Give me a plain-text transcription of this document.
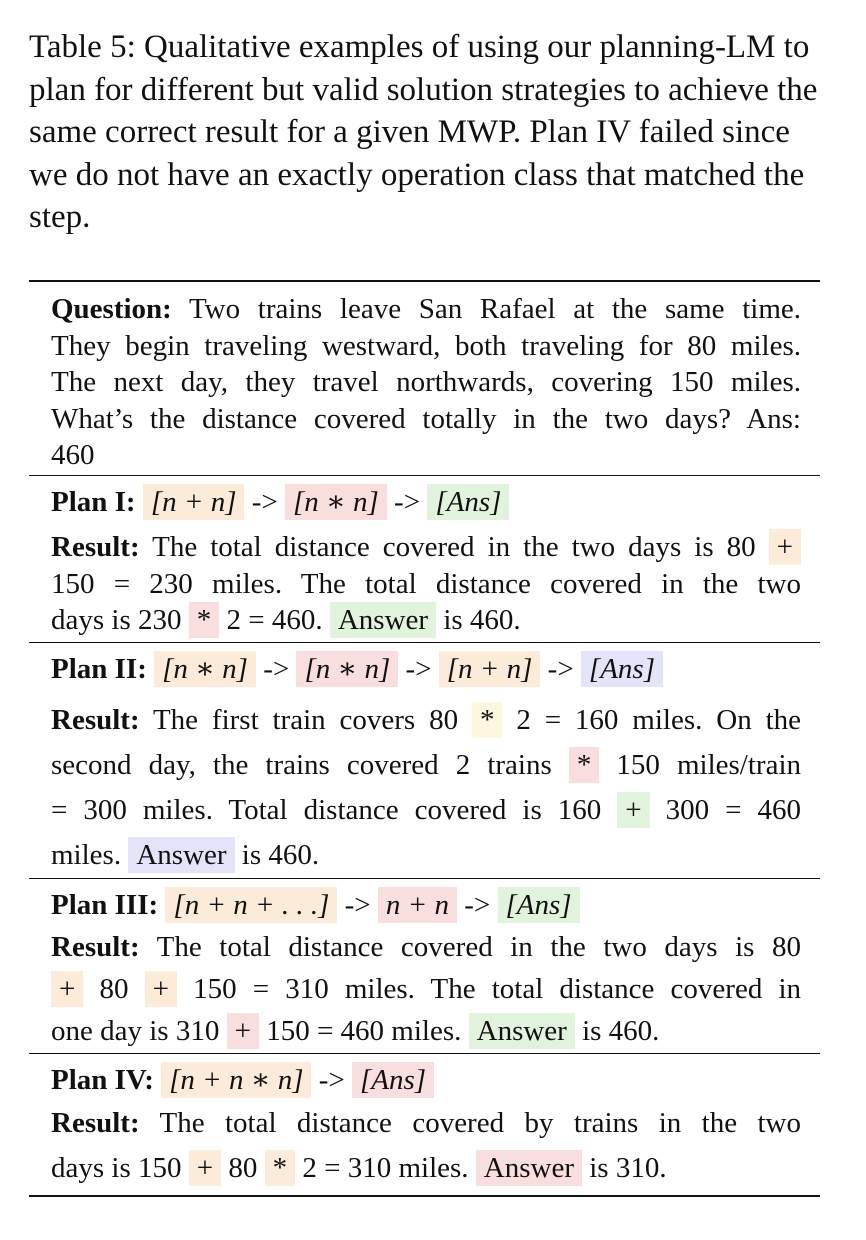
Table 5: Qualitative examples of using our planning-LM to plan for different but valid solution strategies to achieve the same correct result for a given MWP. Plan IV failed since we do not have an exactly operation class that matched the step.
Question: Two trains leave San Rafael at the same time.
They begin traveling westward, both traveling for 80 miles.
The next day, they travel northwards, covering 150 miles.
What’s the distance covered totally in the two days? Ans:
460
Plan I: [n + n] -> [n ∗ n] -> [Ans]
Result: The total distance covered in the two days is 80 +
150 = 230 miles. The total distance covered in the two
days is 230 * 2 = 460. Answer is 460.
Plan II: [n ∗ n] -> [n ∗ n] -> [n + n] -> [Ans]
Result: The first train covers 80 * 2 = 160 miles. On the
second day, the trains covered 2 trains * 150 miles/train
= 300 miles. Total distance covered is 160 + 300 = 460
miles. Answer is 460.
Plan III: [n + n + . . .] -> n + n -> [Ans]
Result: The total distance covered in the two days is 80
+ 80 + 150 = 310 miles. The total distance covered in
one day is 310 + 150 = 460 miles. Answer is 460.
Plan IV: [n + n ∗ n] -> [Ans]
Result: The total distance covered by trains in the two
days is 150 + 80 * 2 = 310 miles. Answer is 310.
